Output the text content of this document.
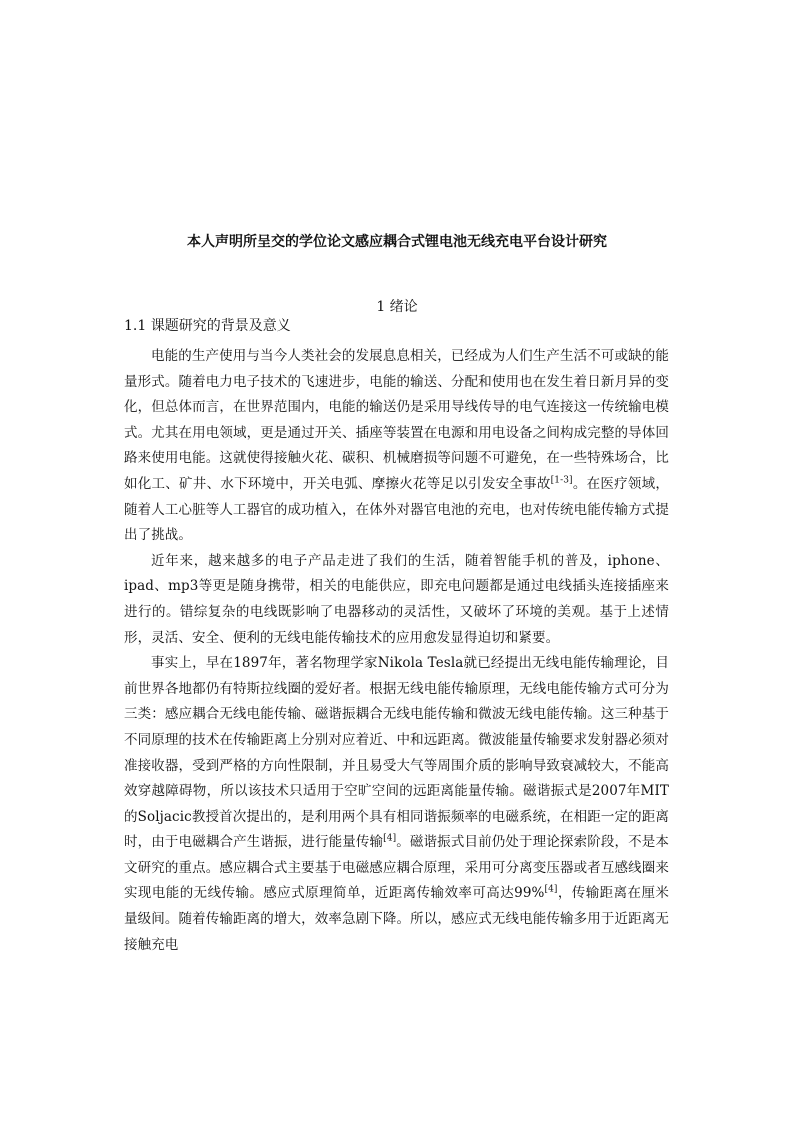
本人声明所呈交的学位论文感应耦合式锂电池无线充电平台设计研究
1 绪论
1.1 课题研究的背景及意义

电能的生产使用与当今人类社会的发展息息相关，已经成为人们生产生活不可或缺的能量形式。随着电力电子技术的飞速进步，电能的输送、分配和使用也在发生着日新月异的变化，但总体而言，在世界范围内，电能的输送仍是采用导线传导的电气连接这一传统输电模式。尤其在用电领域，更是通过开关、插座等装置在电源和用电设备之间构成完整的导体回路来使用电能。这就使得接触火花、碳积、机械磨损等问题不可避免，在一些特殊场合，比如化工、矿井、水下环境中，开关电弧、摩擦火花等足以引发安全事故[1-3]。在医疗领域，随着人工心脏等人工器官的成功植入，在体外对器官电池的充电，也对传统电能传输方式提出了挑战。

近年来，越来越多的电子产品走进了我们的生活，随着智能手机的普及，iphone、ipad、mp3等更是随身携带，相关的电能供应，即充电问题都是通过电线插头连接插座来进行的。错综复杂的电线既影响了电器移动的灵活性，又破坏了环境的美观。基于上述情形，灵活、安全、便利的无线电能传输技术的应用愈发显得迫切和紧要。

事实上，早在1897年，著名物理学家Nikola Tesla就已经提出无线电能传输理论，目前世界各地都仍有特斯拉线圈的爱好者。根据无线电能传输原理，无线电能传输方式可分为三类：感应耦合无线电能传输、磁谐振耦合无线电能传输和微波无线电能传输。这三种基于不同原理的技术在传输距离上分别对应着近、中和远距离。微波能量传输要求发射器必须对准接收器，受到严格的方向性限制，并且易受大气等周围介质的影响导致衰减较大，不能高效穿越障碍物，所以该技术只适用于空旷空间的远距离能量传输。磁谐振式是2007年MIT的Soljacic教授首次提出的，是利用两个具有相同谐振频率的电磁系统，在相距一定的距离时，由于电磁耦合产生谐振，进行能量传输[4]。磁谐振式目前仍处于理论探索阶段，不是本文研究的重点。感应耦合式主要基于电磁感应耦合原理，采用可分离变压器或者互感线圈来实现电能的无线传输。感应式原理简单，近距离传输效率可高达99%[4]，传输距离在厘米量级间。随着传输距离的增大，效率急剧下降。所以，感应式无线电能传输多用于近距离无接触充电
